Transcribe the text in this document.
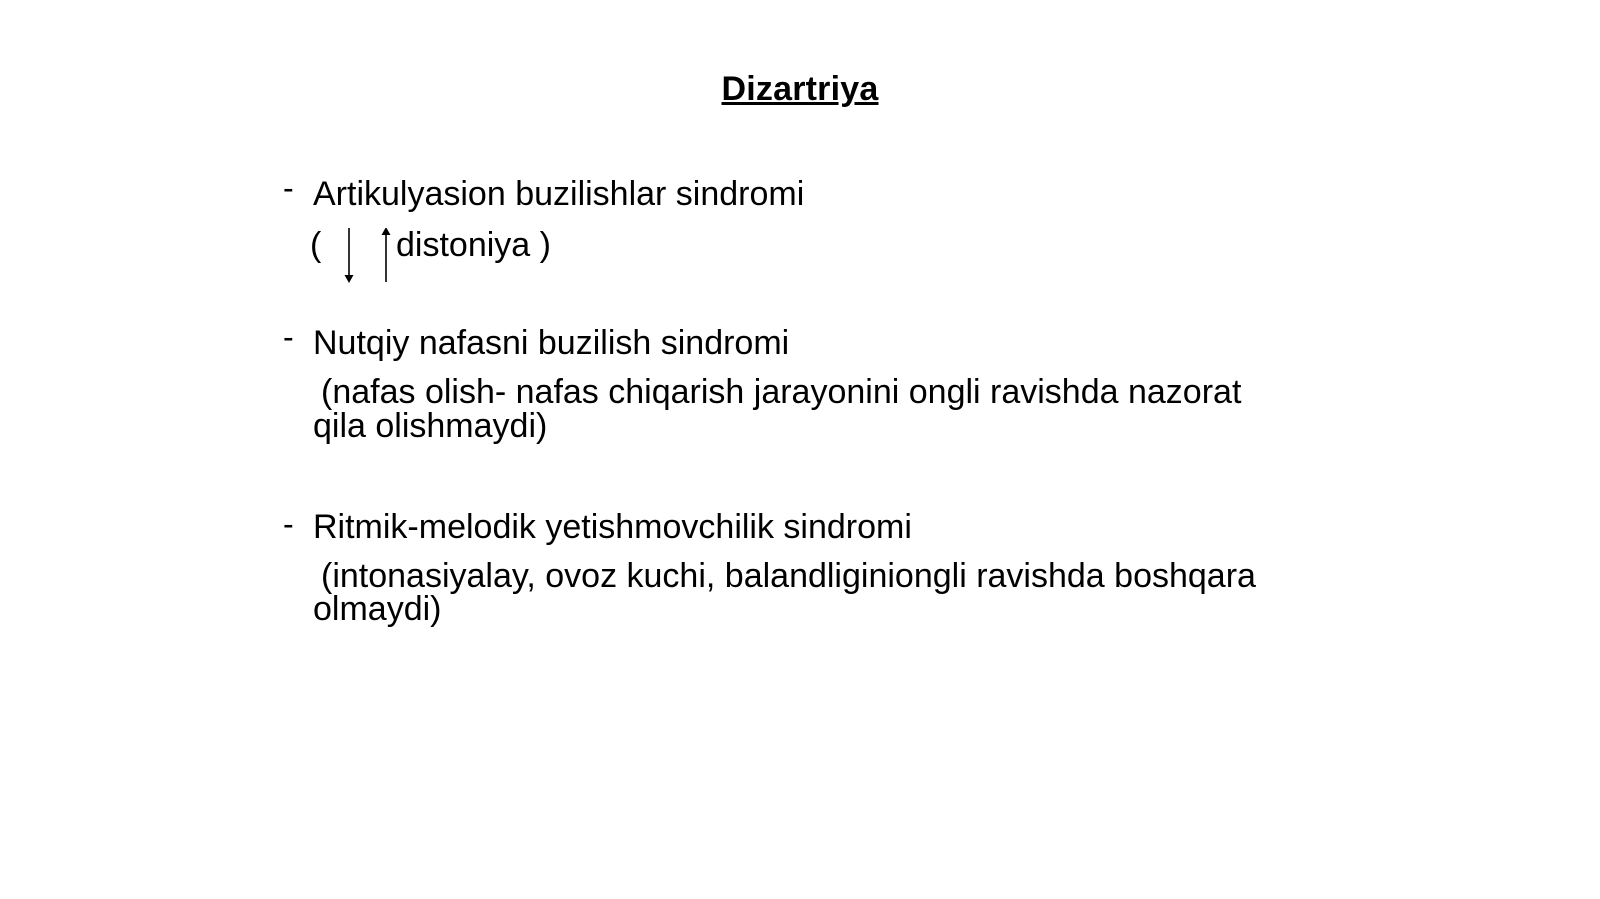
Dizartriya
- Artikulyasion buzilishlar sindromi
( distoniya )
- Nutqiy nafasni buzilish sindromi
(nafas olish- nafas chiqarish jarayonini ongli ravishda nazorat
qila olishmaydi)
- Ritmik-melodik yetishmovchilik sindromi
(intonasiyalay, ovoz kuchi, balandliginiongli ravishda boshqara
olmaydi)
